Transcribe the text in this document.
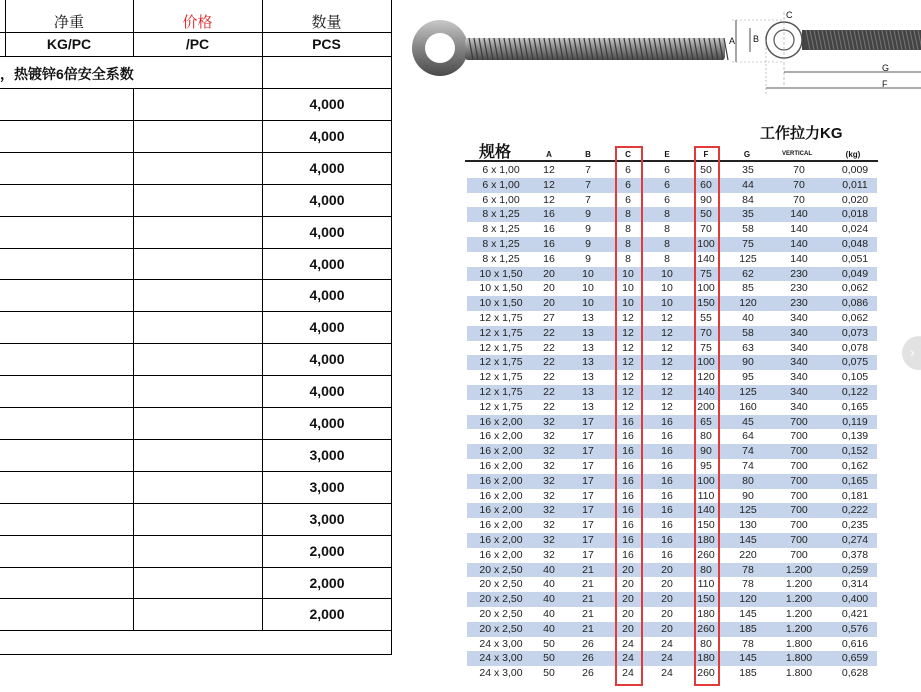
净重	价格	数量
KG/PC	/PC	PCS
，热镀锌6倍安全系数
4,000
4,000
4,000
4,000
4,000
4,000
4,000
4,000
4,000
4,000
4,000
3,000
3,000
3,000
2,000
2,000
2,000
A B
C
G
F
工作拉力KG
规格	A	B	C	E	F	G	VERTICAL	(kg)
6 x 1,00	12	7	6	6	50	35	70	0,009
6 x 1,00	12	7	6	6	60	44	70	0,011
6 x 1,00	12	7	6	6	90	84	70	0,020
8 x 1,25	16	9	8	8	50	35	140	0,018
8 x 1,25	16	9	8	8	70	58	140	0,024
8 x 1,25	16	9	8	8	100	75	140	0,048
8 x 1,25	16	9	8	8	140	125	140	0,051
10 x 1,50	20	10	10	10	75	62	230	0,049
10 x 1,50	20	10	10	10	100	85	230	0,062
10 x 1,50	20	10	10	10	150	120	230	0,086
12 x 1,75	27	13	12	12	55	40	340	0,062
12 x 1,75	22	13	12	12	70	58	340	0,073
12 x 1,75	22	13	12	12	75	63	340	0,078
12 x 1,75	22	13	12	12	100	90	340	0,075
12 x 1,75	22	13	12	12	120	95	340	0,105
12 x 1,75	22	13	12	12	140	125	340	0,122
12 x 1,75	22	13	12	12	200	160	340	0,165
16 x 2,00	32	17	16	16	65	45	700	0,119
16 x 2,00	32	17	16	16	80	64	700	0,139
16 x 2,00	32	17	16	16	90	74	700	0,152
16 x 2,00	32	17	16	16	95	74	700	0,162
16 x 2,00	32	17	16	16	100	80	700	0,165
16 x 2,00	32	17	16	16	110	90	700	0,181
16 x 2,00	32	17	16	16	140	125	700	0,222
16 x 2,00	32	17	16	16	150	130	700	0,235
16 x 2,00	32	17	16	16	180	145	700	0,274
16 x 2,00	32	17	16	16	260	220	700	0,378
20 x 2,50	40	21	20	20	80	78	1.200	0,259
20 x 2,50	40	21	20	20	110	78	1.200	0,314
20 x 2,50	40	21	20	20	150	120	1.200	0,400
20 x 2,50	40	21	20	20	180	145	1.200	0,421
20 x 2,50	40	21	20	20	260	185	1.200	0,576
24 x 3,00	50	26	24	24	80	78	1.800	0,616
24 x 3,00	50	26	24	24	180	145	1.800	0,659
24 x 3,00	50	26	24	24	260	185	1.800	0,628
›
